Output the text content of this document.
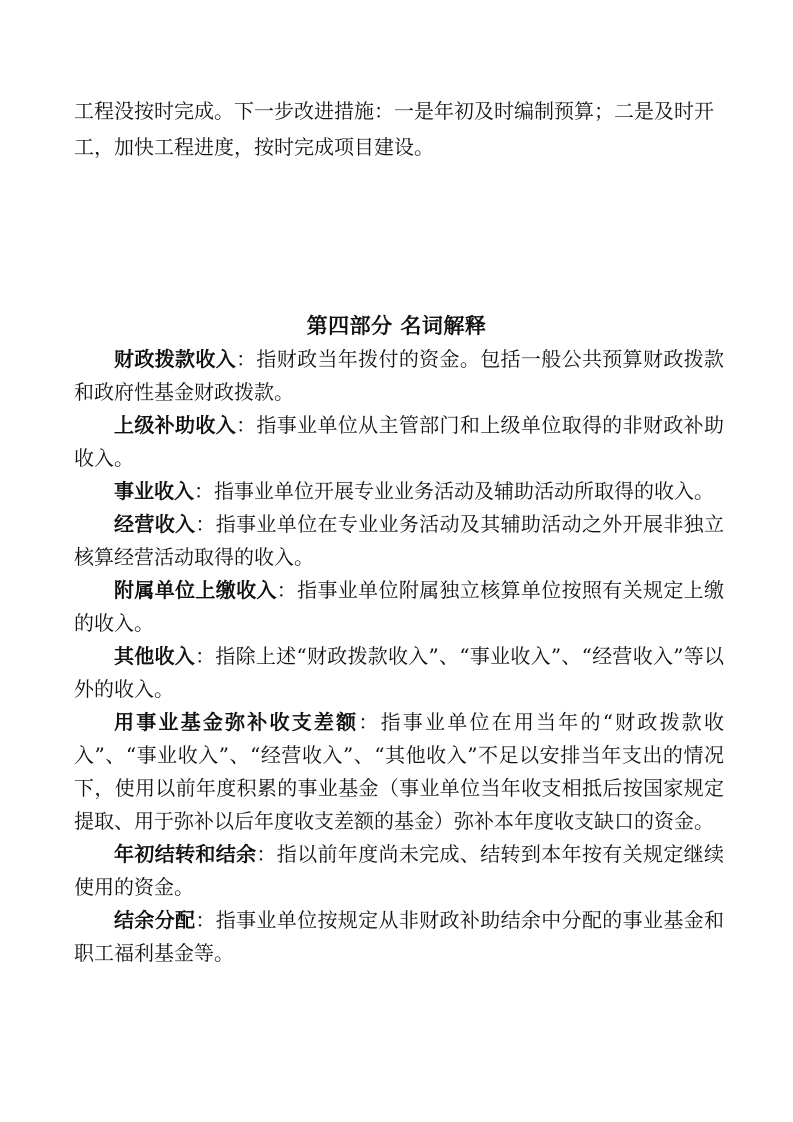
工程没按时完成。下一步改进措施：一是年初及时编制预算；二是及时开工，加快工程进度，按时完成项目建设。

第四部分 名词解释

财政拨款收入：指财政当年拨付的资金。包括一般公共预算财政拨款和政府性基金财政拨款。

上级补助收入：指事业单位从主管部门和上级单位取得的非财政补助收入。

事业收入：指事业单位开展专业业务活动及辅助活动所取得的收入。

经营收入：指事业单位在专业业务活动及其辅助活动之外开展非独立核算经营活动取得的收入。

附属单位上缴收入：指事业单位附属独立核算单位按照有关规定上缴的收入。

其他收入：指除上述“财政拨款收入”、“事业收入”、“经营收入”等以外的收入。

用事业基金弥补收支差额：指事业单位在用当年的“财政拨款收入”、“事业收入”、“经营收入”、“其他收入”不足以安排当年支出的情况下，使用以前年度积累的事业基金（事业单位当年收支相抵后按国家规定提取、用于弥补以后年度收支差额的基金）弥补本年度收支缺口的资金。

年初结转和结余：指以前年度尚未完成、结转到本年按有关规定继续使用的资金。

结余分配：指事业单位按规定从非财政补助结余中分配的事业基金和职工福利基金等。
